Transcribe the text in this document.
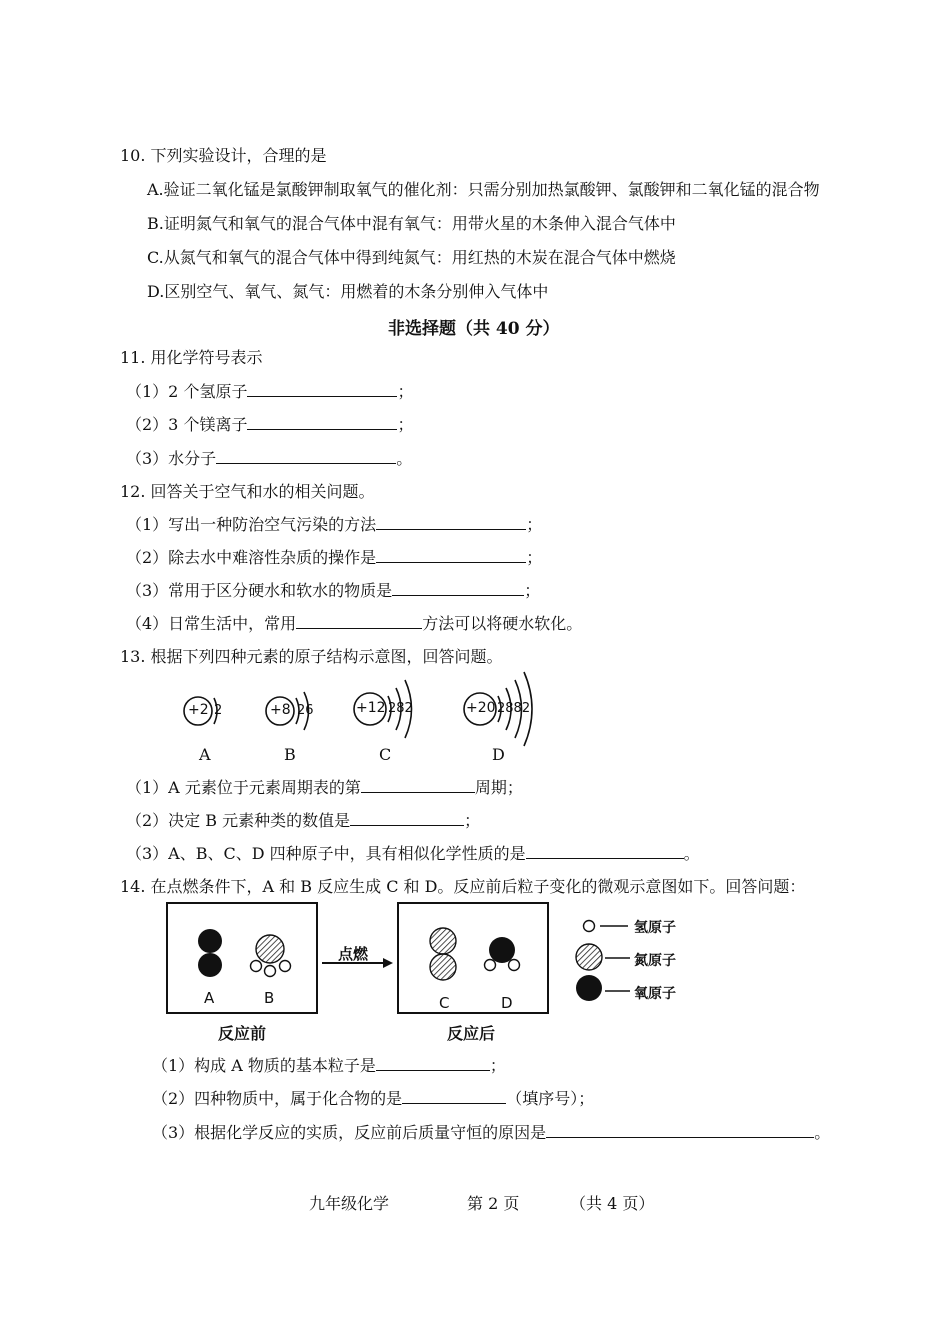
10. 下列实验设计，合理的是
A.验证二氧化锰是氯酸钾制取氧气的催化剂：只需分别加热氯酸钾、氯酸钾和二氧化锰的混合物
B.证明氮气和氧气的混合气体中混有氧气：用带火星的木条伸入混合气体中
C.从氮气和氧气的混合气体中得到纯氮气：用红热的木炭在混合气体中燃烧
D.区别空气、氧气、氮气：用燃着的木条分别伸入气体中
非选择题（共 40 分）
11. 用化学符号表示
（1）2 个氢原子	；
（2）3 个镁离子	；
（3）水分子	。
12. 回答关于空气和水的相关问题。
（1）写出一种防治空气污染的方法	；
（2）除去水中难溶性杂质的操作是	；
（3）常用于区分硬水和软水的物质是	；
（4）日常生活中，常用	方法可以将硬水软化。
13. 根据下列四种元素的原子结构示意图，回答问题。
+2 2	+8 26	+12 282	+20 2882
A	B	C	D
（1）A 元素位于元素周期表的第	周期；
（2）决定 B 元素种类的数值是	；
（3）A、B、C、D 四种原子中，具有相似化学性质的是	。
14. 在点燃条件下，A 和 B 反应生成 C 和 D。反应前后粒子变化的微观示意图如下。回答问题：
A	B	C	D
点燃
反应前	反应后
氢原子
氮原子
氧原子
（1）构成 A 物质的基本粒子是	；
（2）四种物质中，属于化合物的是	（填序号）；
（3）根据化学反应的实质，反应前后质量守恒的原因是	。
九年级化学	第 2 页	（共 4 页）
